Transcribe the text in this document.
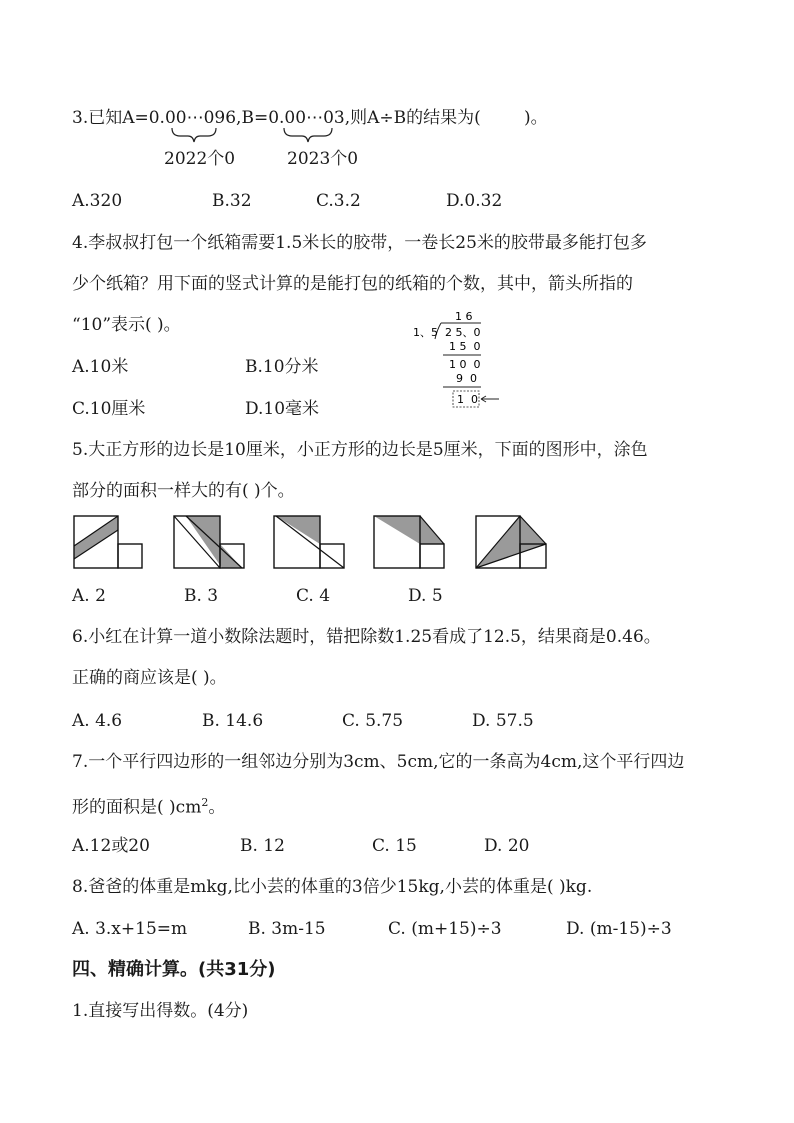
3.已知A=0.00⋯096,B=0.00⋯03,则A÷B的结果为(	)。
2022个0	2023个0
A.320	B.32	C.3.2	D.0.32
4.李叔叔打包一个纸箱需要1.5米长的胶带，一卷长25米的胶带最多能打包多
少个纸箱？用下面的竖式计算的是能打包的纸箱的个数，其中，箭头所指的
“10”表示( )。
A.10米	B.10分米
C.10厘米	D.10毫米
1 6
1、5 2 5、0
1 5  0
1 0  0
9  0
1  0
5.大正方形的边长是10厘米，小正方形的边长是5厘米，下面的图形中，涂色
部分的面积一样大的有( )个。
A. 2	B. 3	C. 4	D. 5
6.小红在计算一道小数除法题时，错把除数1.25看成了12.5，结果商是0.46。
正确的商应该是( )。
A. 4.6	B. 14.6	C. 5.75	D. 57.5
7.一个平行四边形的一组邻边分别为3cm、5cm,它的一条高为4cm,这个平行四边
形的面积是( )$cm^2$。
A.12或20	B. 12	C. 15	D. 20
8.爸爸的体重是mkg,比小芸的体重的3倍少15kg,小芸的体重是( )kg.
A. 3.x+15=m	B. 3m-15	C. (m+15)÷3	D. (m-15)÷3
四、精确计算。(共31分)
1.直接写出得数。(4分)
